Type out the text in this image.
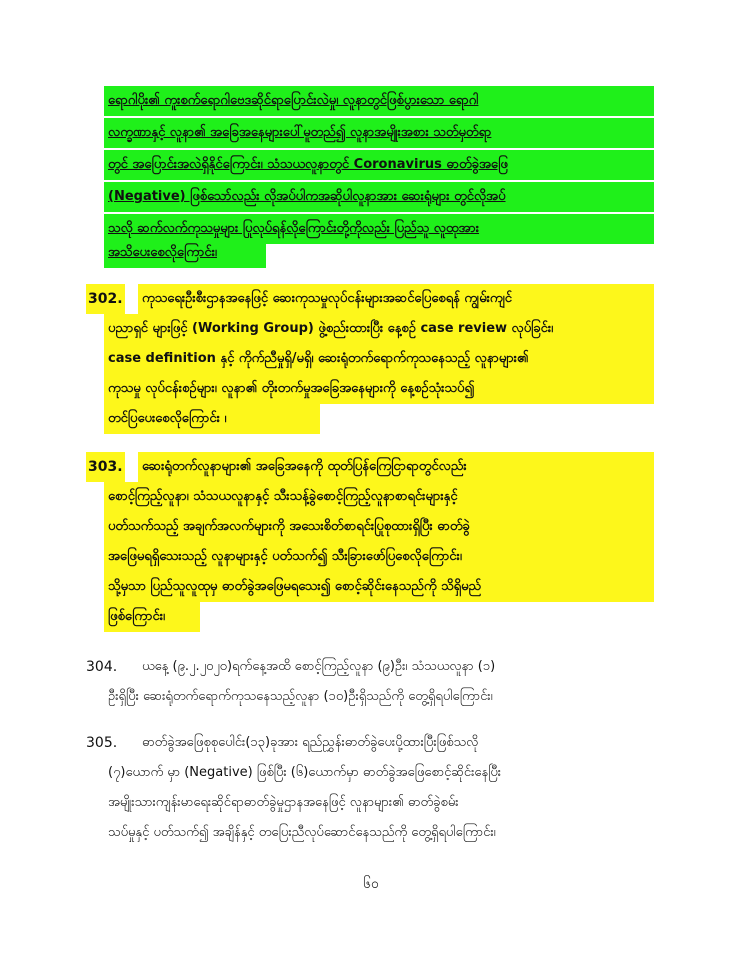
ရောဂါပိုး၏ ကူးစက်ရောဂါဗေဒဆိုင်ရာပြောင်းလဲမှု၊ လူနာတွင်ဖြစ်ပွားသော ရောဂါ
လက္ခဏာနှင့် လူနာ၏ အခြေအနေများပေါ်မူတည်၍ လူနာအမျိုးအစား သတ်မှတ်ရာ
တွင် အပြောင်းအလဲရှိနိုင်ကြောင်း၊ သံသယလူနာတွင် Coronavirus ဓာတ်ခွဲအဖြေ
(Negative) ဖြစ်သော်လည်း လိုအပ်ပါကအဆိုပါလူနာအား ဆေးရုံများ တွင်လိုအပ်
သလို ဆက်လက်ကုသမှုများ ပြုလုပ်ရန်လိုကြောင်းတို့ကိုလည်း ပြည်သူ လူထုအား
အသိပေးစေလိုကြောင်း၊
302.	ကုသရေးဦးစီးဌာနအနေဖြင့် ဆေးကုသမှုလုပ်ငန်းများအဆင်ပြေစေရန် ကျွမ်းကျင်
ပညာရှင် များဖြင့် (Working Group) ဖွဲ့စည်းထားပြီး နေ့စဉ် case review လုပ်ခြင်း၊
case definition နှင့် ကိုက်ညီမှုရှိ/မရှိ၊ ဆေးရုံတက်ရောက်ကုသနေသည့် လူနာများ၏
ကုသမှု လုပ်ငန်းစဉ်များ၊ လူနာ၏ တိုးတက်မှုအခြေအနေများကို နေ့စဉ်သုံးသပ်၍
တင်ပြပေးစေလိုကြောင်း ၊
303.	ဆေးရုံတက်လူနာများ၏ အခြေအနေကို ထုတ်ပြန်ကြေငြာရာတွင်လည်း
စောင့်ကြည့်လူနာ၊ သံသယလူနာနှင့် သီးသန့်ခွဲစောင့်ကြည့်လူနာစာရင်းများနှင့်
ပတ်သက်သည့် အချက်အလက်များကို အသေးစိတ်စာရင်းပြုစုထားရှိပြီး ဓာတ်ခွဲ
အဖြေမရရှိသေးသည့် လူနာများနှင့် ပတ်သက်၍ သီးခြားဖော်ပြစေလိုကြောင်း၊
သို့မှသာ ပြည်သူလူထုမှ ဓာတ်ခွဲအဖြေမရသေး၍ စောင့်ဆိုင်းနေသည်ကို သိရှိမည်
ဖြစ်ကြောင်း၊
304.	ယနေ့ (၉.၂.၂၀၂၀)ရက်နေ့အထိ စောင့်ကြည့်လူနာ (၉)ဦး၊ သံသယလူနာ (၁)
ဦးရှိပြီး ဆေးရုံတက်ရောက်ကုသနေသည့်လူနာ (၁၀)ဦးရှိသည်ကို တွေ့ရှိရပါကြောင်း၊
305.	ဓာတ်ခွဲအဖြေစုစုပေါင်း(၁၃)ခုအား ရည်ညွှန်းဓာတ်ခွဲပေးပို့ထားပြီးဖြစ်သလို
(၇)ယောက် မှာ (Negative) ဖြစ်ပြီး (၆)ယောက်မှာ ဓာတ်ခွဲအဖြေစောင့်ဆိုင်းနေပြီး
အမျိုးသားကျန်းမာရေးဆိုင်ရာဓာတ်ခွဲမှုဌာနအနေဖြင့် လူနာများ၏ ဓာတ်ခွဲစမ်း
သပ်မှုနှင့် ပတ်သက်၍ အချိန်နှင့် တပြေးညီလုပ်ဆောင်နေသည်ကို တွေ့ရှိရပါကြောင်း၊
၆၀
